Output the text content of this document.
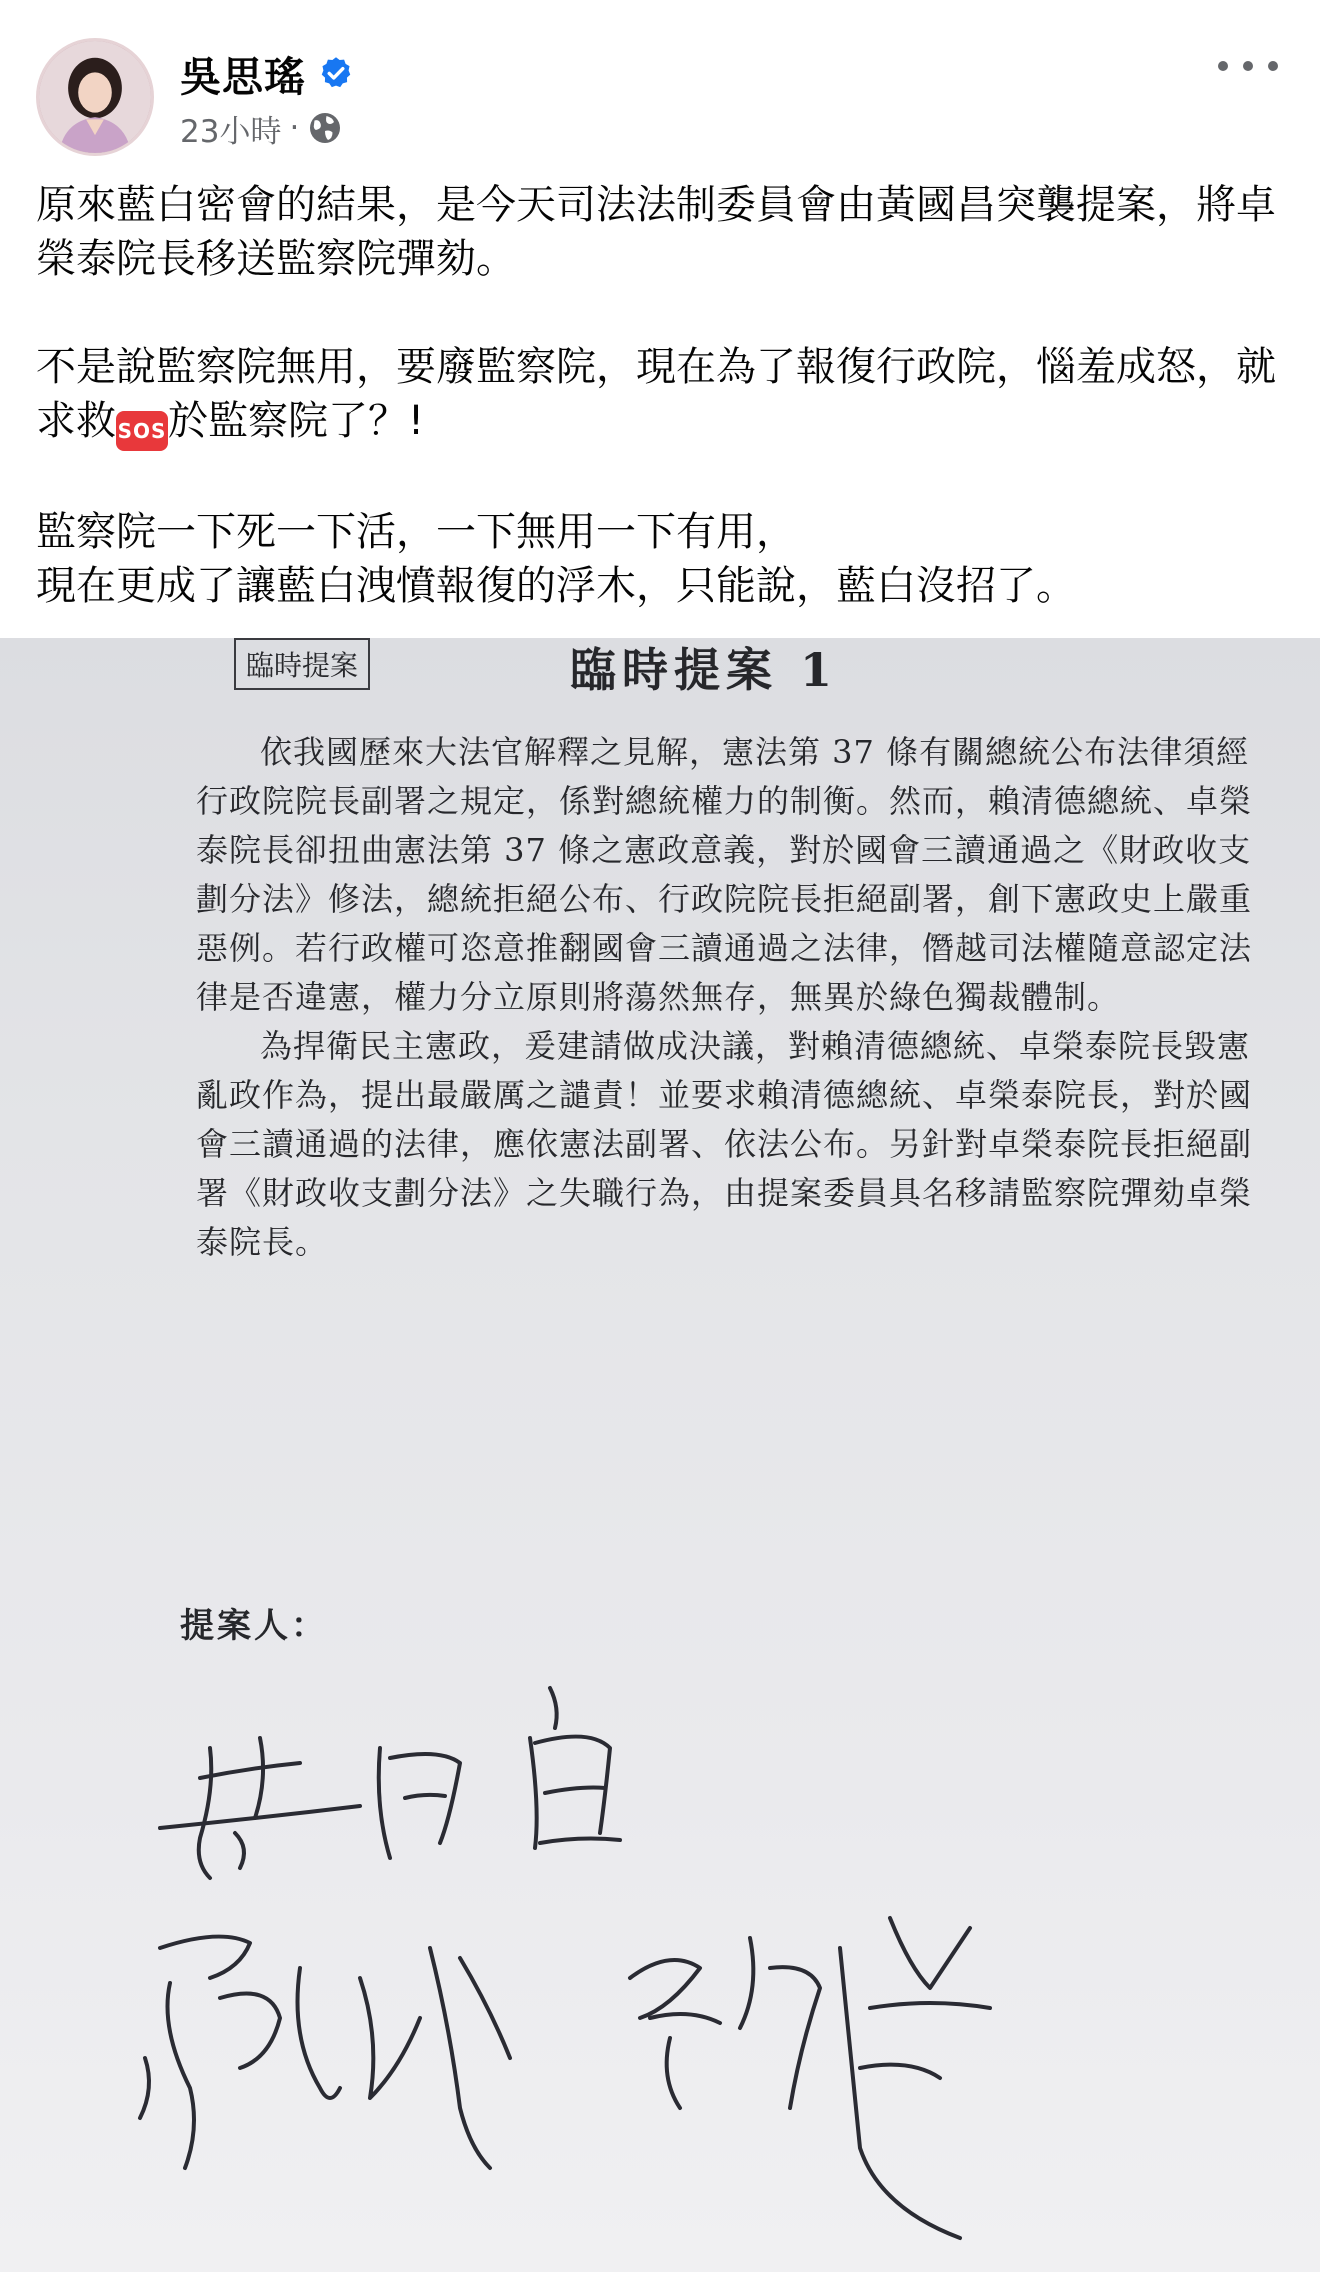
吳思瑤
23小時 ·

原來藍白密會的結果，是今天司法法制委員會由黃國昌突襲提案，將卓榮泰院長移送監察院彈劾。

不是說監察院無用，要廢監察院，現在為了報復行政院，惱羞成怒，就求救SOS於監察院了？!

監察院一下死一下活，一下無用一下有用，
現在更成了讓藍白洩憤報復的浮木，只能說，藍白沒招了。

臨時提案	臨時提案 1

依我國歷來大法官解釋之見解，憲法第 37 條有關總統公布法律須經行政院院長副署之規定，係對總統權力的制衡。然而，賴清德總統、卓榮泰院長卻扭曲憲法第 37 條之憲政意義，對於國會三讀通過之《財政收支劃分法》修法，總統拒絕公布、行政院院長拒絕副署，創下憲政史上嚴重惡例。若行政權可恣意推翻國會三讀通過之法律，僭越司法權隨意認定法律是否違憲，權力分立原則將蕩然無存，無異於綠色獨裁體制。

為捍衛民主憲政，爰建請做成決議，對賴清德總統、卓榮泰院長毀憲亂政作為，提出最嚴厲之譴責！並要求賴清德總統、卓榮泰院長，對於國會三讀通過的法律，應依憲法副署、依法公布。另針對卓榮泰院長拒絕副署《財政收支劃分法》之失職行為，由提案委員具名移請監察院彈劾卓榮泰院長。

提案人：
